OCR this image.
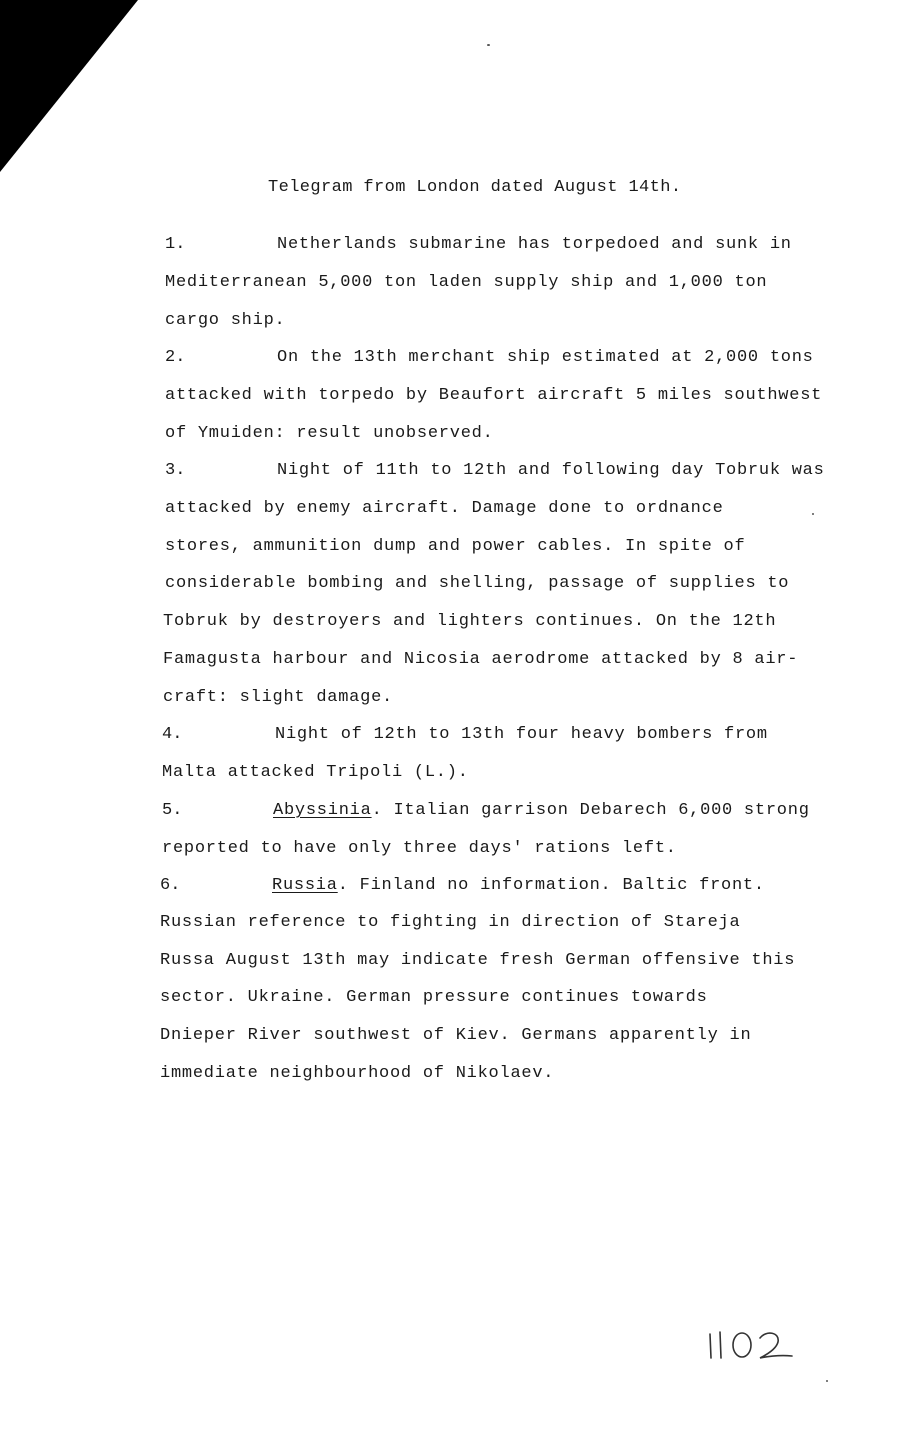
Telegram from London dated August 14th.
1.	Netherlands submarine has torpedoed and sunk in
Mediterranean 5,000 ton laden supply ship and 1,000 ton
cargo ship.
2.	On the 13th merchant ship estimated at 2,000 tons
attacked with torpedo by Beaufort aircraft 5 miles southwest
of Ymuiden: result unobserved.
3.	Night of 11th to 12th and following day Tobruk was
attacked by enemy aircraft. Damage done to ordnance
stores, ammunition dump and power cables. In spite of
considerable bombing and shelling, passage of supplies to
Tobruk by destroyers and lighters continues. On the 12th
Famagusta harbour and Nicosia aerodrome attacked by 8 air-
craft: slight damage.
4.	Night of 12th to 13th four heavy bombers from
Malta attacked Tripoli (L.).
5.	Abyssinia. Italian garrison Debarech 6,000 strong
reported to have only three days' rations left.
6.	Russia. Finland no information. Baltic front.
Russian reference to fighting in direction of Stareja
Russa August 13th may indicate fresh German offensive this
sector. Ukraine. German pressure continues towards
Dnieper River southwest of Kiev. Germans apparently in
immediate neighbourhood of Nikolaev.
